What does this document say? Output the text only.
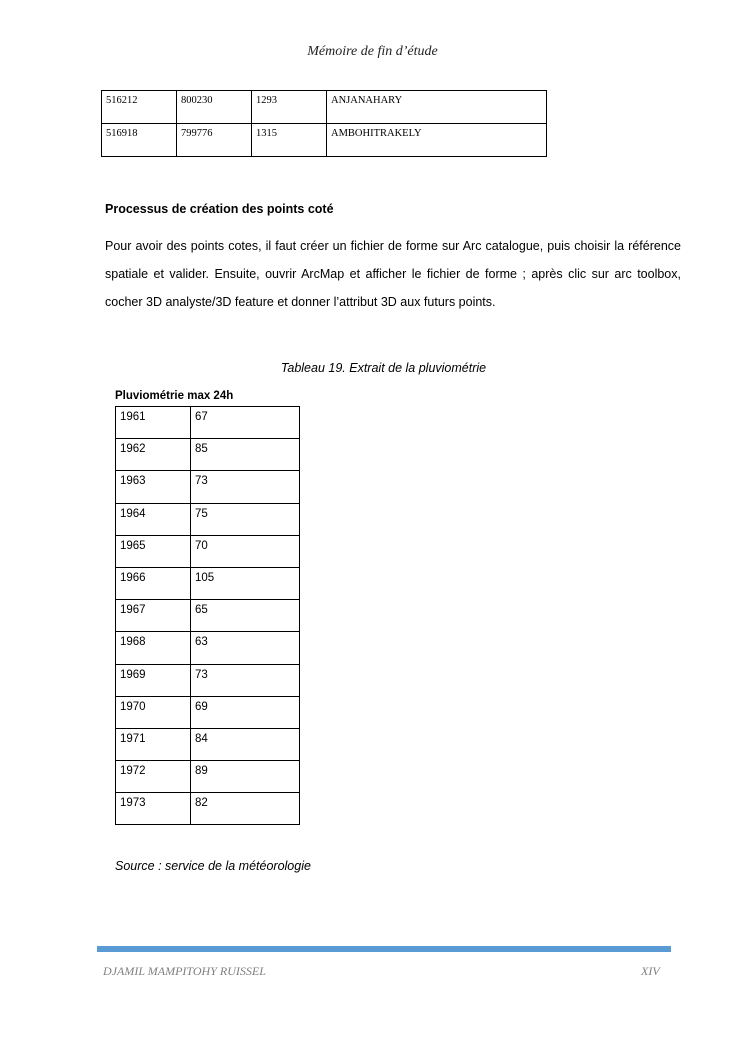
Mémoire de fin d’étude
516212	800230	1293	ANJANAHARY
516918	799776	1315	AMBOHITRAKELY
Processus de création des points coté
Pour avoir des points cotes, il faut créer un fichier de forme sur Arc catalogue, puis choisir la référence spatiale et valider. Ensuite, ouvrir ArcMap et afficher le fichier de forme ; après clic sur arc toolbox, cocher 3D analyste/3D feature et donner l’attribut 3D aux futurs points.
Tableau 19. Extrait de la pluviométrie
Pluviométrie max 24h
1961	67
1962	85
1963	73
1964	75
1965	70
1966	105
1967	65
1968	63
1969	73
1970	69
1971	84
1972	89
1973	82
Source : service de la météorologie
DJAMIL MAMPITOHY RUISSEL	XIV
